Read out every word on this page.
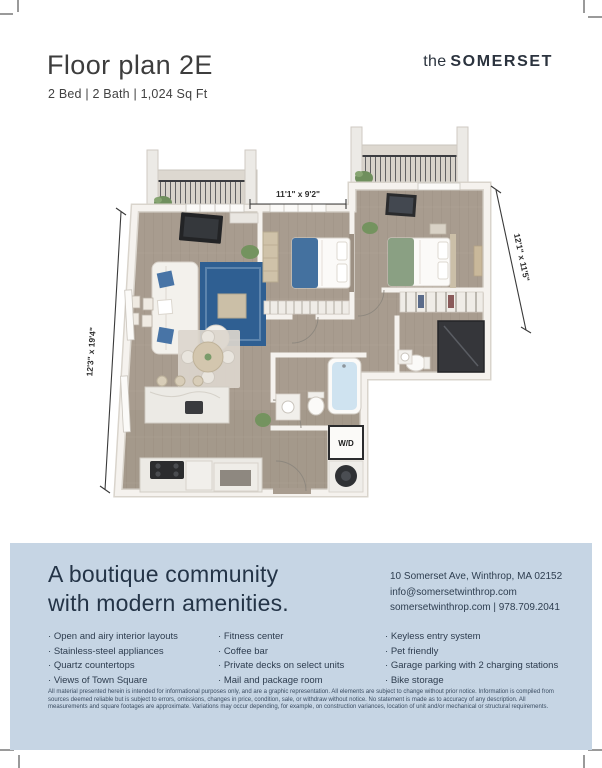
Floor plan 2E
2 Bed | 2 Bath | 1,024 Sq Ft
the SOMERSET
W/D
11'1" x 9'2"
12'3" x 19'4"
12'1" x 11'5"
A boutique community
with modern amenities.
10 Somerset Ave, Winthrop, MA 02152
info@somersetwinthrop.com
somersetwinthrop.com | 978.709.2041
· Open and airy interior layouts
· Stainless-steel appliances
· Quartz countertops
· Views of Town Square
· Fitness center
· Coffee bar
· Private decks on select units
· Mail and package room
· Keyless entry system
· Pet friendly
· Garage parking with 2 charging stations
· Bike storage
All material presented herein is intended for informational purposes only, and are a graphic representation. All elements are subject to change without prior notice. Information is compiled from sources deemed reliable but is subject to errors, omissions, changes in price, condition, sale, or withdraw without notice. No statement is made as to accuracy of any description. All measurements and square footages are approximate. Variations may occur depending, for example, on construction variances, location of unit and/or mechanical or structural requirements.
